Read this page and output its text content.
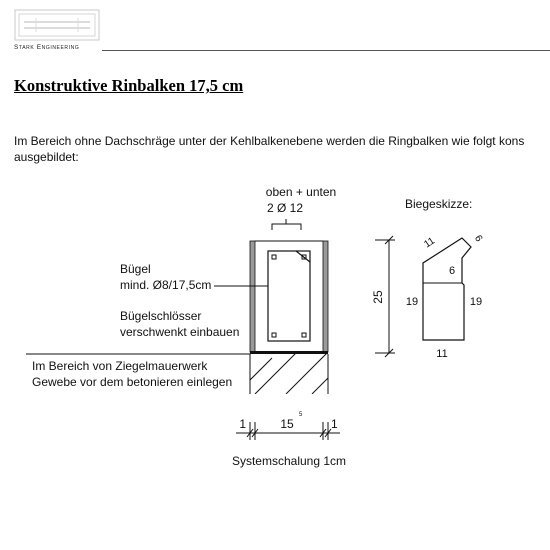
Stark Engineering
Konstruktive Rinbalken 17,5 cm
Im Bereich ohne Dachschräge unter der Kehlbalkenebene werden die Ringbalken wie folgt kons
ausgebildet:
oben + unten
2 Ø 12
Bügel
mind. Ø8/17,5cm
Bügelschlösser
verschwenkt einbauen
Im Bereich von Ziegelmauerwerk
Gewebe vor dem betonieren einlegen
25
1	15
5
1
Systemschalung 1cm
Biegeskizze:
11	6
6
19	19
11
